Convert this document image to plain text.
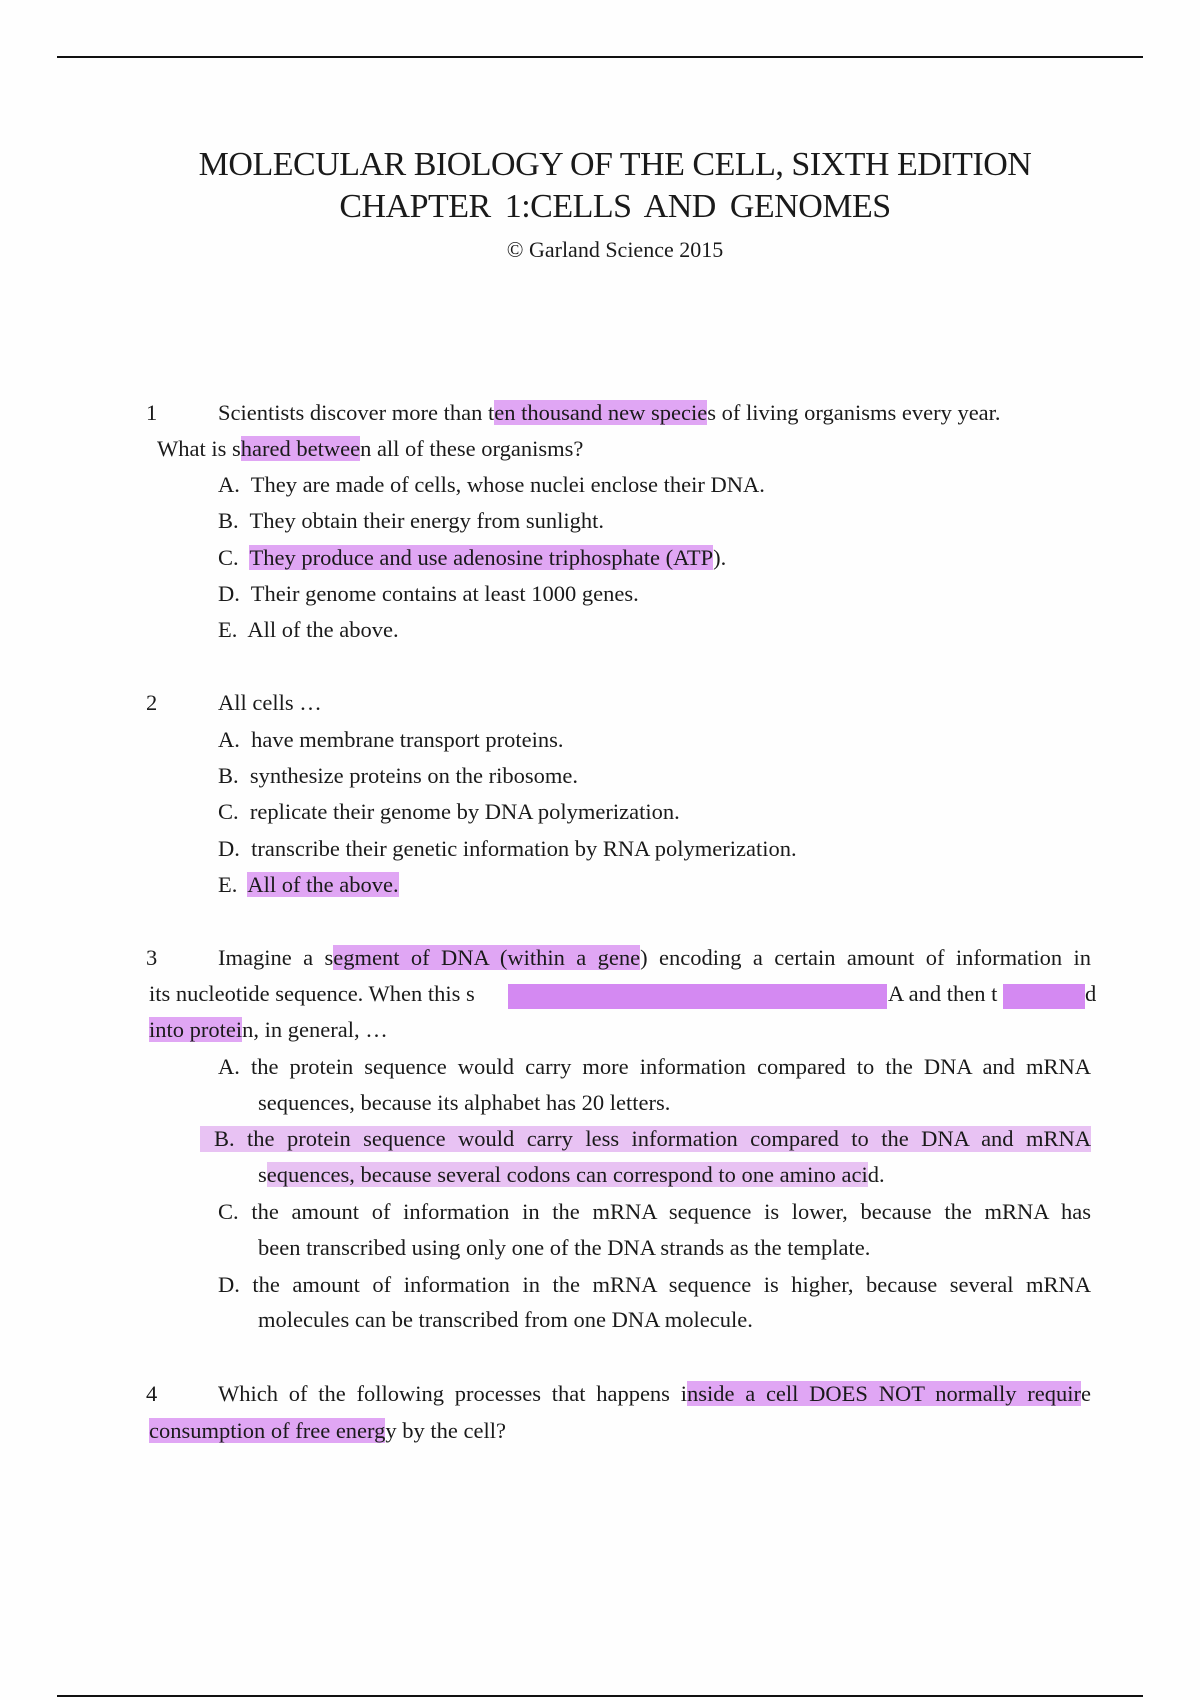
MOLECULAR BIOLOGY OF THE CELL, SIXTH EDITION
CHAPTER 1:CELLS AND GENOMES
© Garland Science 2015
1	Scientists discover more than ten thousand new species of living organisms every year.
What is shared between all of these organisms?
A. They are made of cells, whose nuclei enclose their DNA.
B. They obtain their energy from sunlight.
C. They produce and use adenosine triphosphate (ATP).
D. Their genome contains at least 1000 genes.
E. All of the above.
2	All cells …
A. have membrane transport proteins.
B. synthesize proteins on the ribosome.
C. replicate their genome by DNA polymerization.
D. transcribe their genetic information by RNA polymerization.
E. All of the above.
3	Imagine a segment of DNA (within a gene) encoding a certain amount of information in
its nucleotide sequence. When this s	A and then t	d
into protein, in general, …
A. the protein sequence would carry more information compared to the DNA and mRNA
sequences, because its alphabet has 20 letters.
B. the protein sequence would carry less information compared to the DNA and mRNA
sequences, because several codons can correspond to one amino acid.
C. the amount of information in the mRNA sequence is lower, because the mRNA has
been transcribed using only one of the DNA strands as the template.
D. the amount of information in the mRNA sequence is higher, because several mRNA
molecules can be transcribed from one DNA molecule.
4	Which of the following processes that happens inside a cell DOES NOT normally require
consumption of free energy by the cell?
